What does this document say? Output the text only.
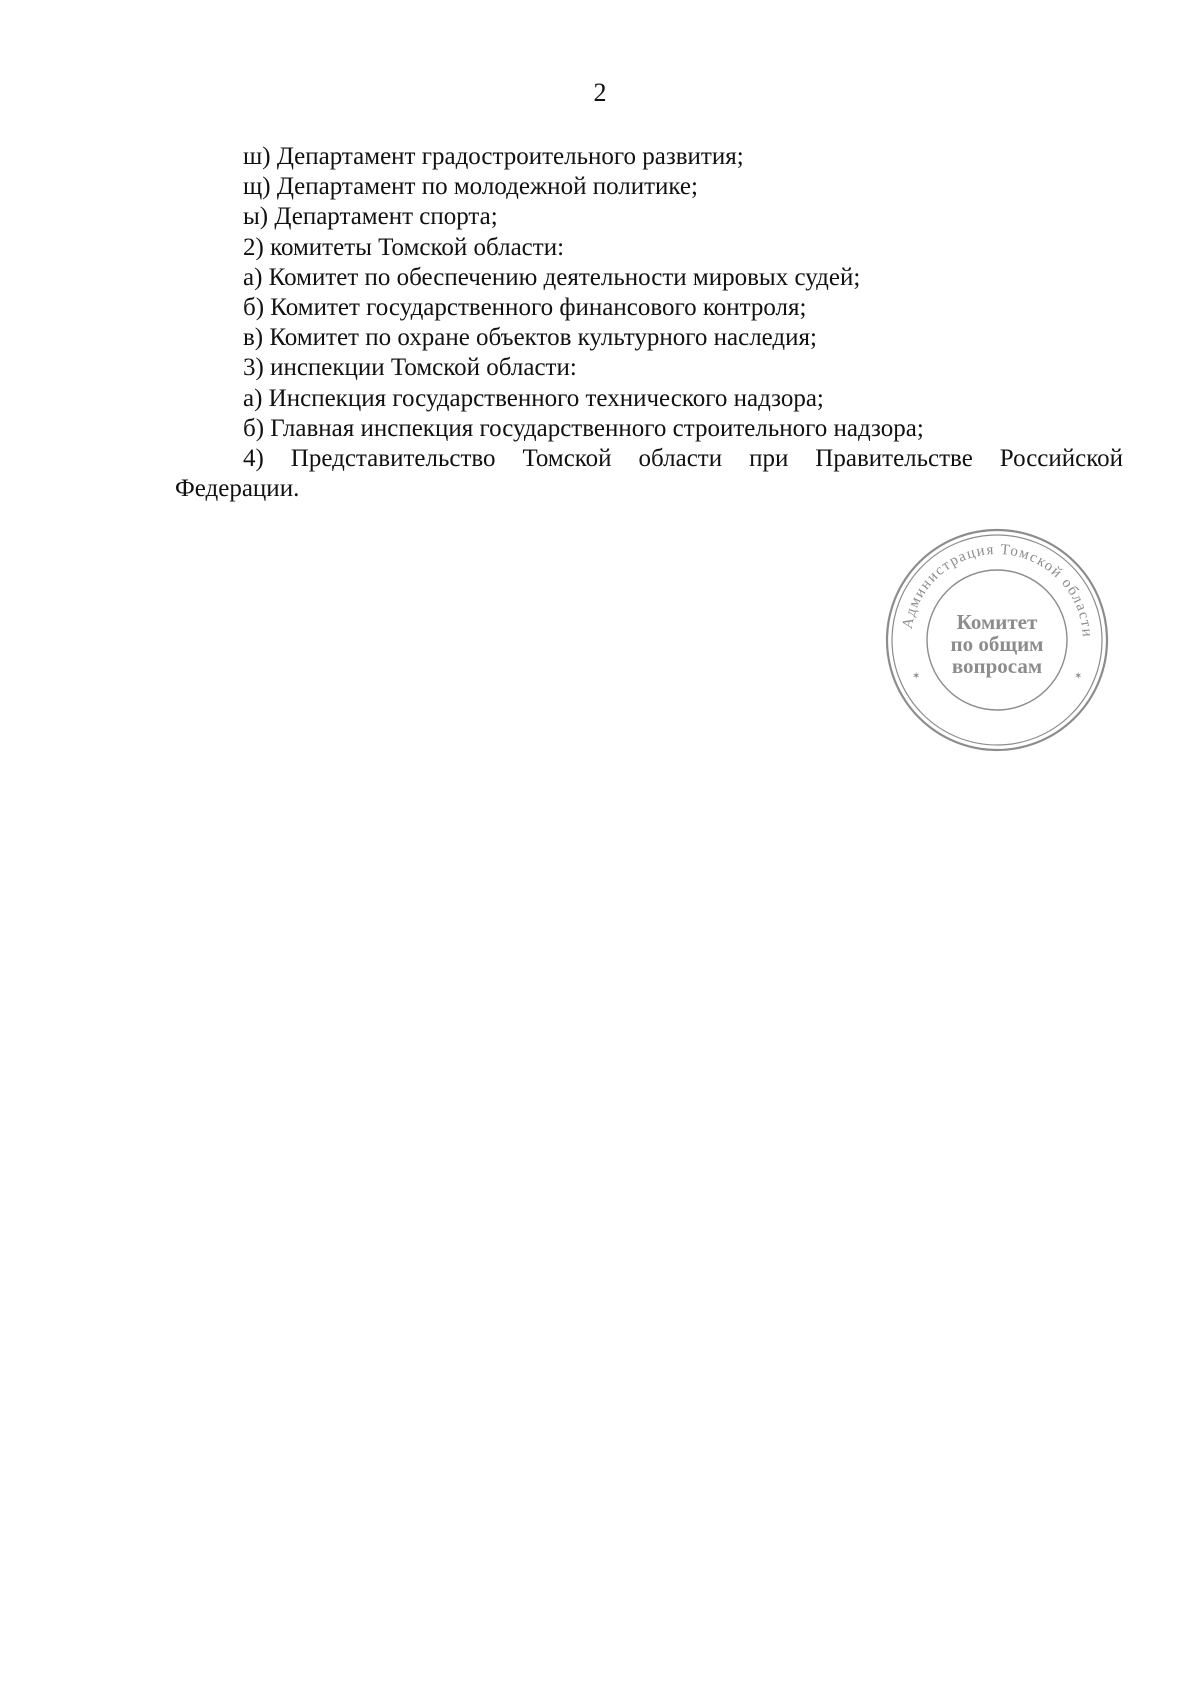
2

ш) Департамент градостроительного развития;

щ) Департамент по молодежной политике;

ы) Департамент спорта;

2) комитеты Томской области:

а) Комитет по обеспечению деятельности мировых судей;

б) Комитет государственного финансового контроля;

в) Комитет по охране объектов культурного наследия;

3) инспекции Томской области:

а) Инспекция государственного технического надзора;

б) Главная инспекция государственного строительного надзора;

4) Представительство Томской области при Правительстве Российской Федерации.

Администрация Томской области
✶	✶
Комитет
по общим
вопросам
